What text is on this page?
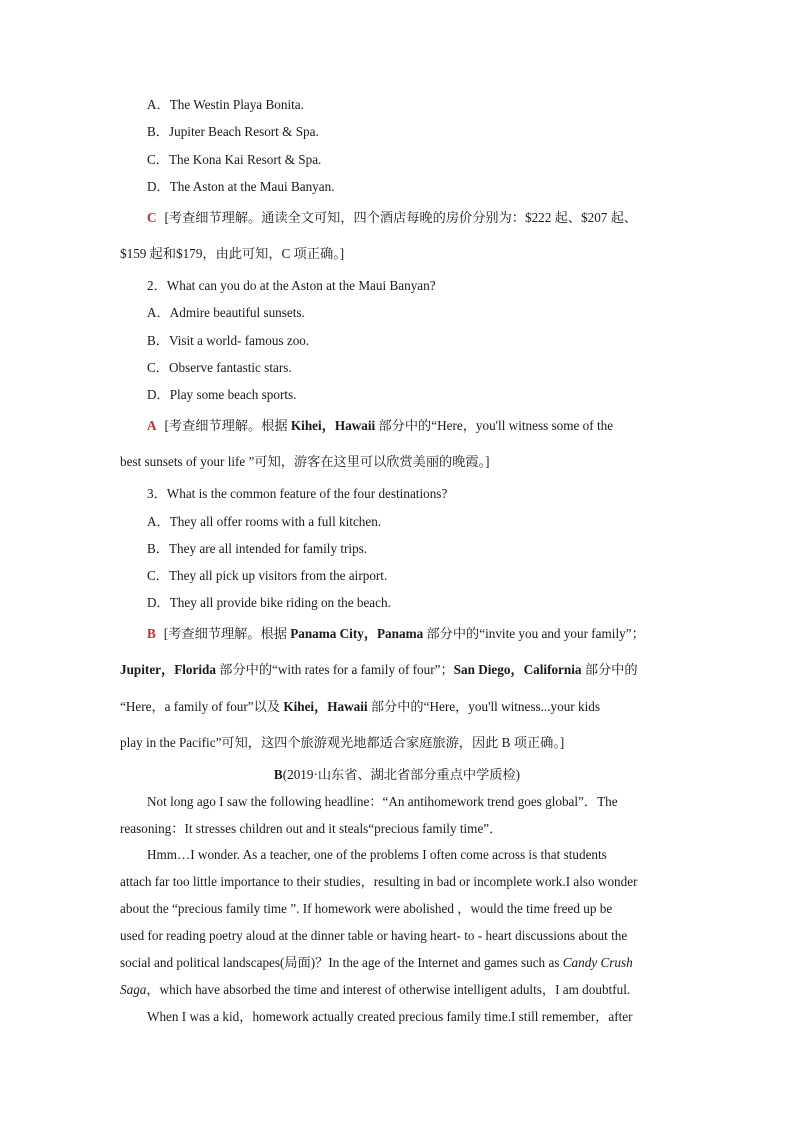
A．The Westin Playa Bonita.
B．Jupiter Beach Resort & Spa.
C．The Kona Kai Resort & Spa.
D．The Aston at the Maui Banyan.
C [考查细节理解。通读全文可知，四个酒店每晚的房价分别为：$222 起、$207 起、
$159 起和$179，由此可知，C 项正确。]
2．What can you do at the Aston at the Maui Banyan?
A．Admire beautiful sunsets.
B．Visit a world- famous zoo.
C．Observe fantastic stars.
D．Play some beach sports.
A [考查细节理解。根据 Kihei，Hawaii 部分中的“Here，you'll witness some of the
best sunsets of your life ”可知，游客在这里可以欣赏美丽的晚霞。]
3．What is the common feature of the four destinations?
A．They all offer rooms with a full kitchen.
B．They are all intended for family trips.
C．They all pick up visitors from the airport.
D．They all provide bike riding on the beach.
B [考查细节理解。根据 Panama City，Panama 部分中的“invite you and your family”；
Jupiter，Florida 部分中的“with rates for a family of four”；San Diego，California 部分中的
“Here，a family of four”以及 Kihei，Hawaii 部分中的“Here，you'll witness...your kids
play in the Pacific”可知，这四个旅游观光地都适合家庭旅游，因此 B 项正确。]
B(2019·山东省、湖北省部分重点中学质检)
Not long ago I saw the following headline：“An antihomework trend goes global”．The
reasoning：It stresses children out and it steals“precious family time”．
Hmm…I wonder. As a teacher, one of the problems I often come across is that students
attach far too little importance to their studies，resulting in bad or incomplete work.I also wonder
about the “precious family time ”. If homework were abolished ，would the time freed up be
used for reading poetry aloud at the dinner table or having heart- to - heart discussions about the
social and political landscapes(局面)？In the age of the Internet and games such as Candy Crush
Saga，which have absorbed the time and interest of otherwise intelligent adults，I am doubtful.
When I was a kid，homework actually created precious family time.I still remember，after
